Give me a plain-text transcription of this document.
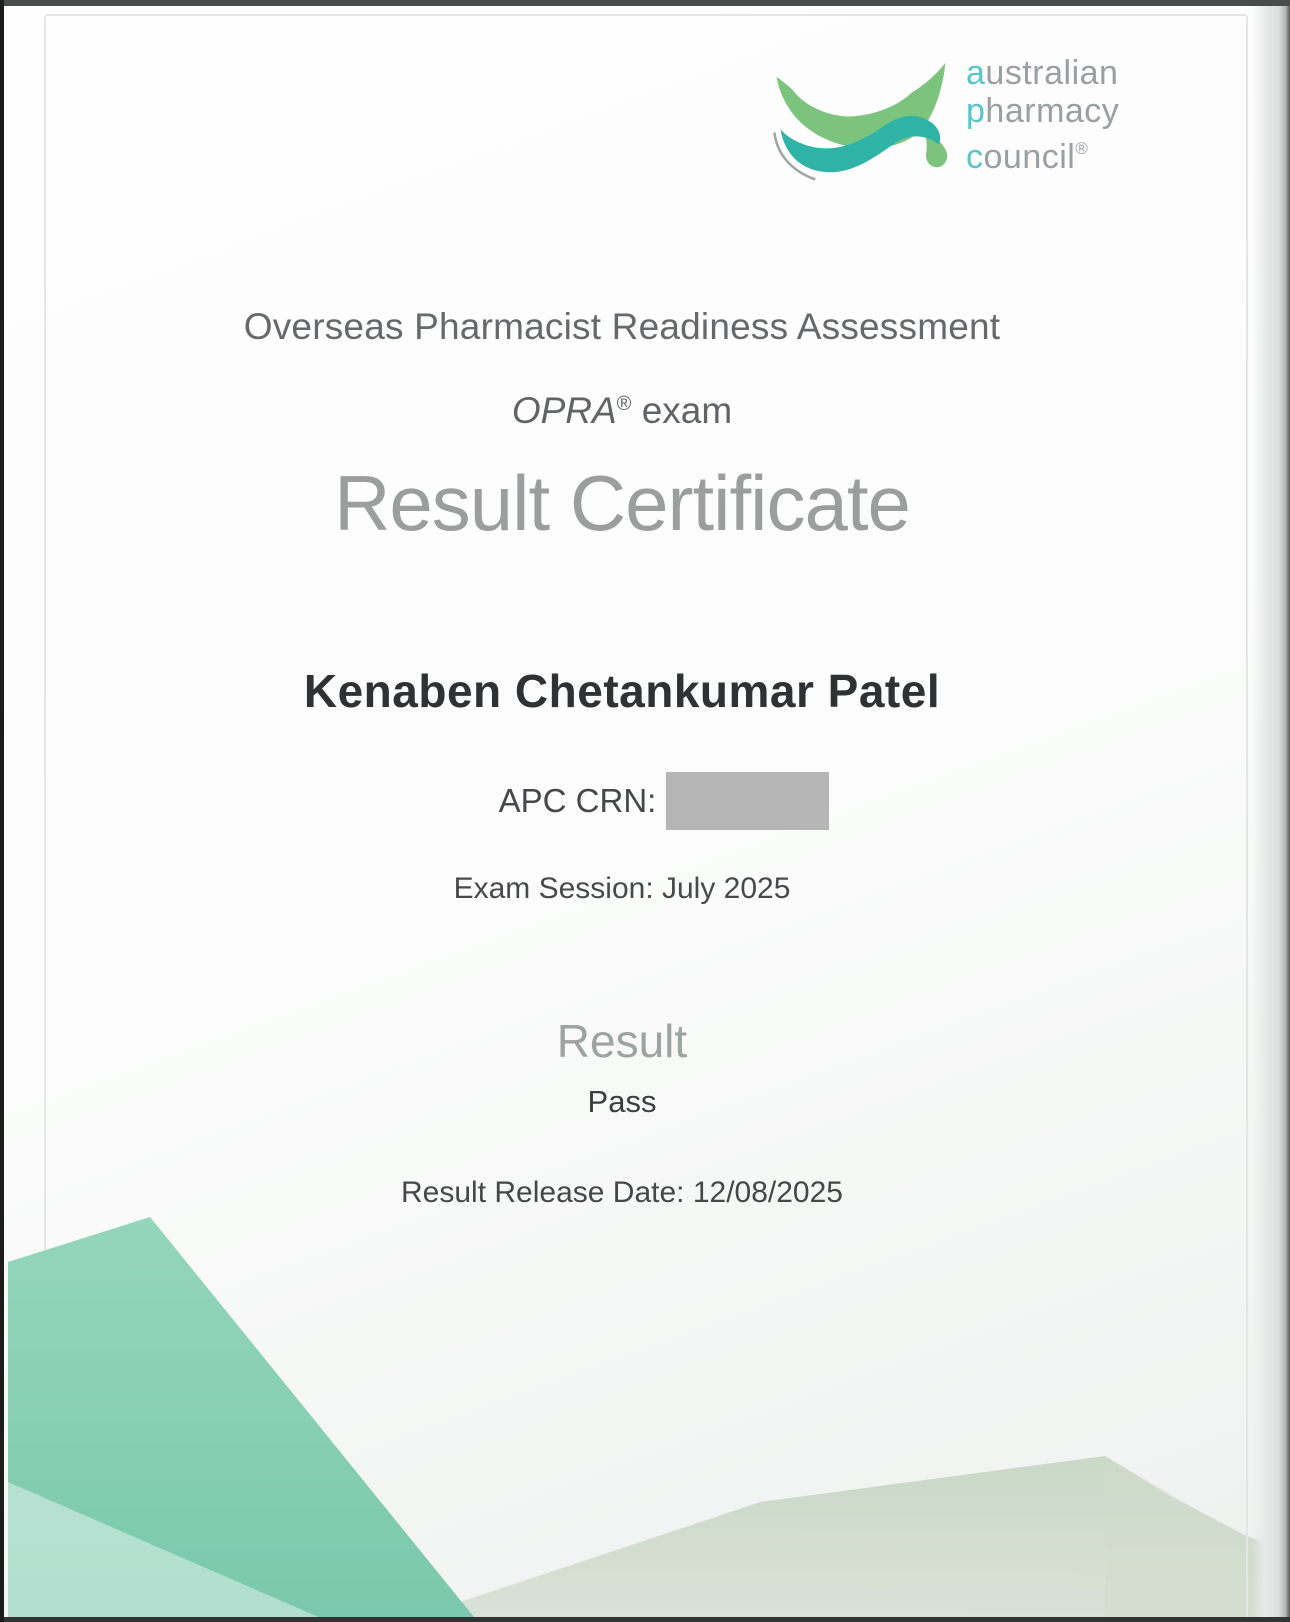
australian
pharmacy
council®
Overseas Pharmacist Readiness Assessment
OPRA® exam
Result Certificate
Kenaben Chetankumar Patel
APC CRN:
Exam Session: July 2025
Result
Pass
Result Release Date: 12/08/2025
